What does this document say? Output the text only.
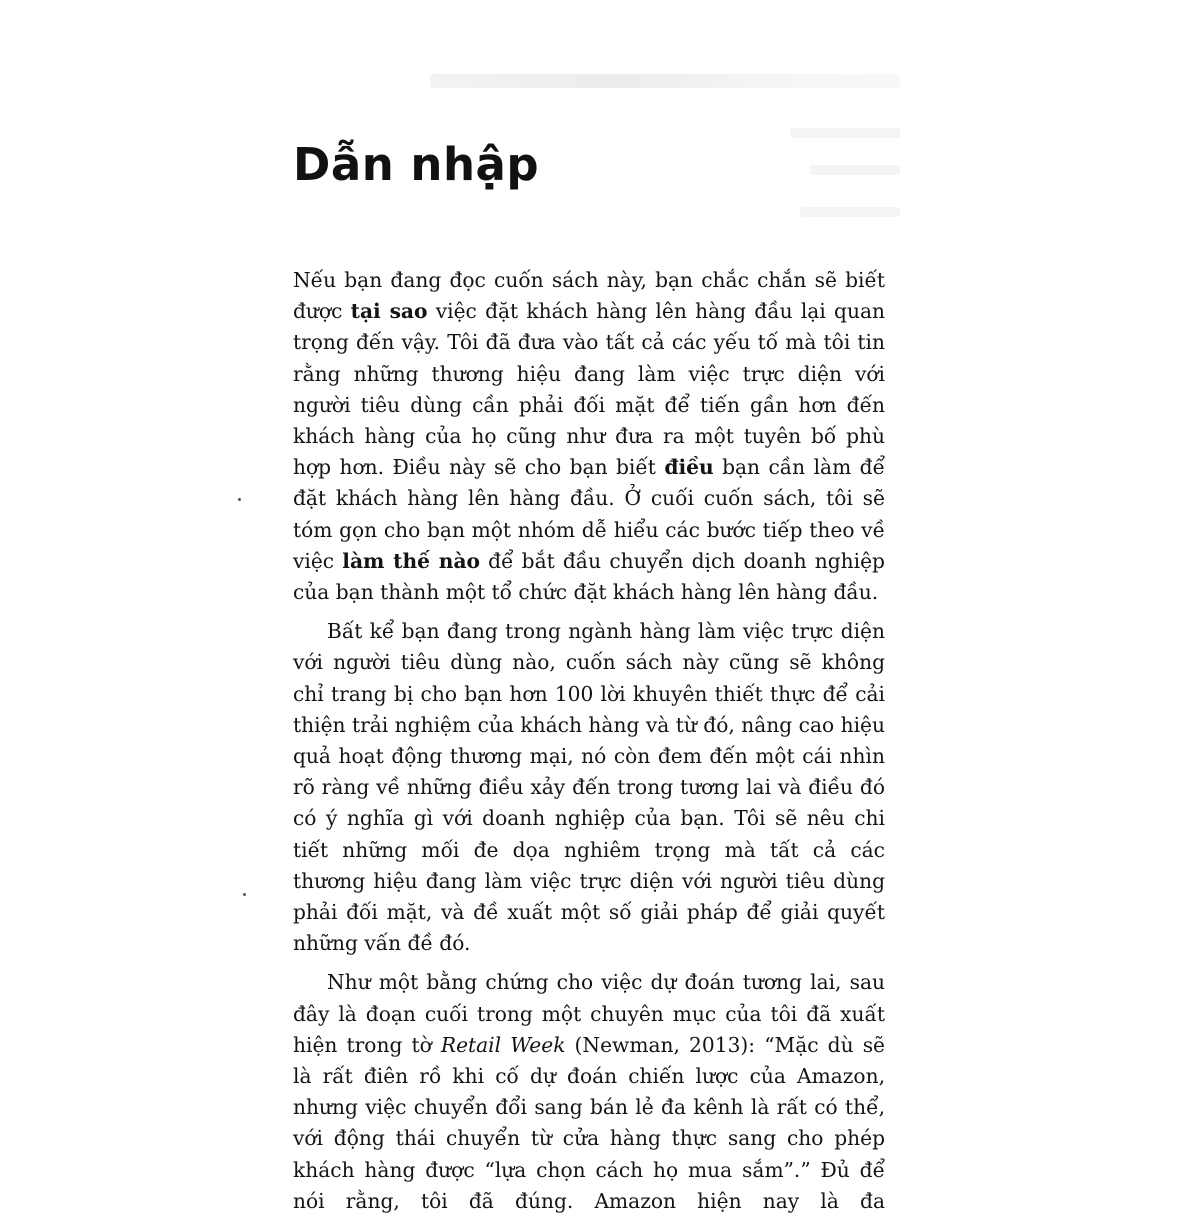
Dẫn nhập

Nếu bạn đang đọc cuốn sách này, bạn chắc chắn sẽ biết được tại sao việc đặt khách hàng lên hàng đầu lại quan trọng đến vậy. Tôi đã đưa vào tất cả các yếu tố mà tôi tin rằng những thương hiệu đang làm việc trực diện với người tiêu dùng cần phải đối mặt để tiến gần hơn đến khách hàng của họ cũng như đưa ra một tuyên bố phù hợp hơn. Điều này sẽ cho bạn biết điều bạn cần làm để đặt khách hàng lên hàng đầu. Ở cuối cuốn sách, tôi sẽ tóm gọn cho bạn một nhóm dễ hiểu các bước tiếp theo về việc làm thế nào để bắt đầu chuyển dịch doanh nghiệp của bạn thành một tổ chức đặt khách hàng lên hàng đầu.

Bất kể bạn đang trong ngành hàng làm việc trực diện với người tiêu dùng nào, cuốn sách này cũng sẽ không chỉ trang bị cho bạn hơn 100 lời khuyên thiết thực để cải thiện trải nghiệm của khách hàng và từ đó, nâng cao hiệu quả hoạt động thương mại, nó còn đem đến một cái nhìn rõ ràng về những điều xảy đến trong tương lai và điều đó có ý nghĩa gì với doanh nghiệp của bạn. Tôi sẽ nêu chi tiết những mối đe dọa nghiêm trọng mà tất cả các thương hiệu đang làm việc trực diện với người tiêu dùng phải đối mặt, và đề xuất một số giải pháp để giải quyết những vấn đề đó.

Như một bằng chứng cho việc dự đoán tương lai, sau đây là đoạn cuối trong một chuyên mục của tôi đã xuất hiện trong tờ Retail Week (Newman, 2013): “Mặc dù sẽ là rất điên rồ khi cố dự đoán chiến lược của Amazon, nhưng việc chuyển đổi sang bán lẻ đa kênh là rất có thể, với động thái chuyển từ cửa hàng thực sang cho phép khách hàng được “lựa chọn cách họ mua sắm”.” Đủ để nói rằng, tôi đã đúng. Amazon hiện nay là đa
